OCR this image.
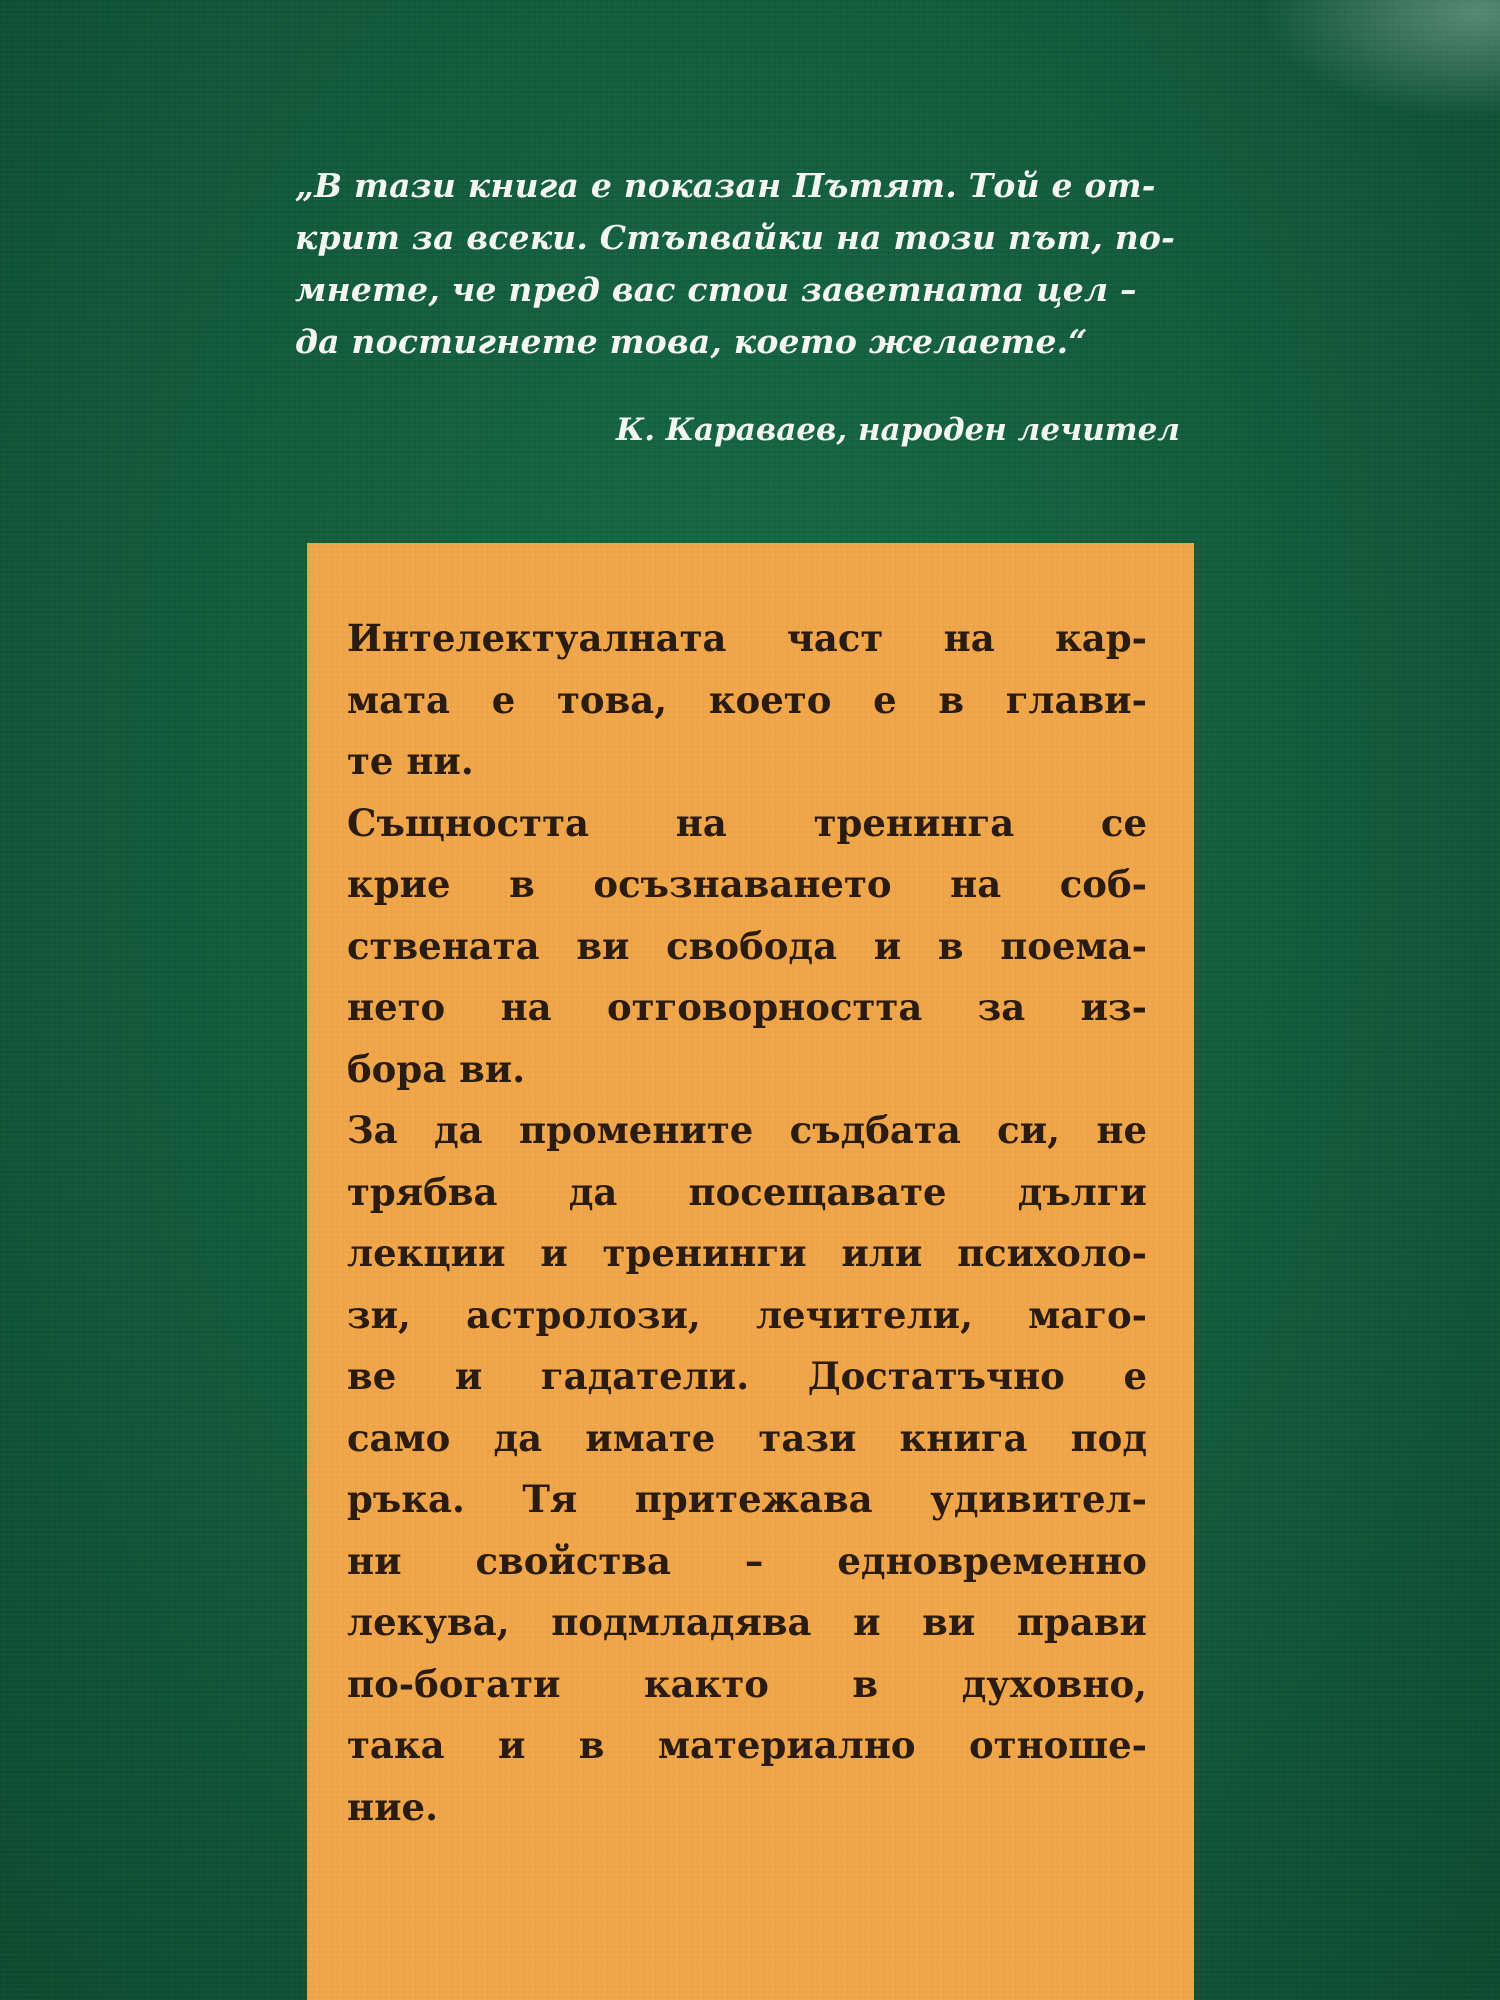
„В тази книга е показан Пътят. Той е от-
крит за всеки. Стъпвайки на този път, по-
мнете, че пред вас стои заветната цел –
да постигнете това, което желаете.“
К. Караваев, народен лечител
Интелектуалната част на кар-
мата е това, което е в глави-
те ни.
Същността на тренинга се
крие в осъзнаването на соб-
ствената ви свобода и в поема-
нето на отговорността за из-
бора ви.
За да промените съдбата си, не
трябва да посещавате дълги
лекции и тренинги или психоло-
зи, астролози, лечители, маго-
ве и гадатели. Достатъчно е
само да имате тази книга под
ръка. Тя притежава удивител-
ни свойства – едновременно
лекува, подмладява и ви прави
по-богати както в духовно,
така и в материално отноше-
ние.
